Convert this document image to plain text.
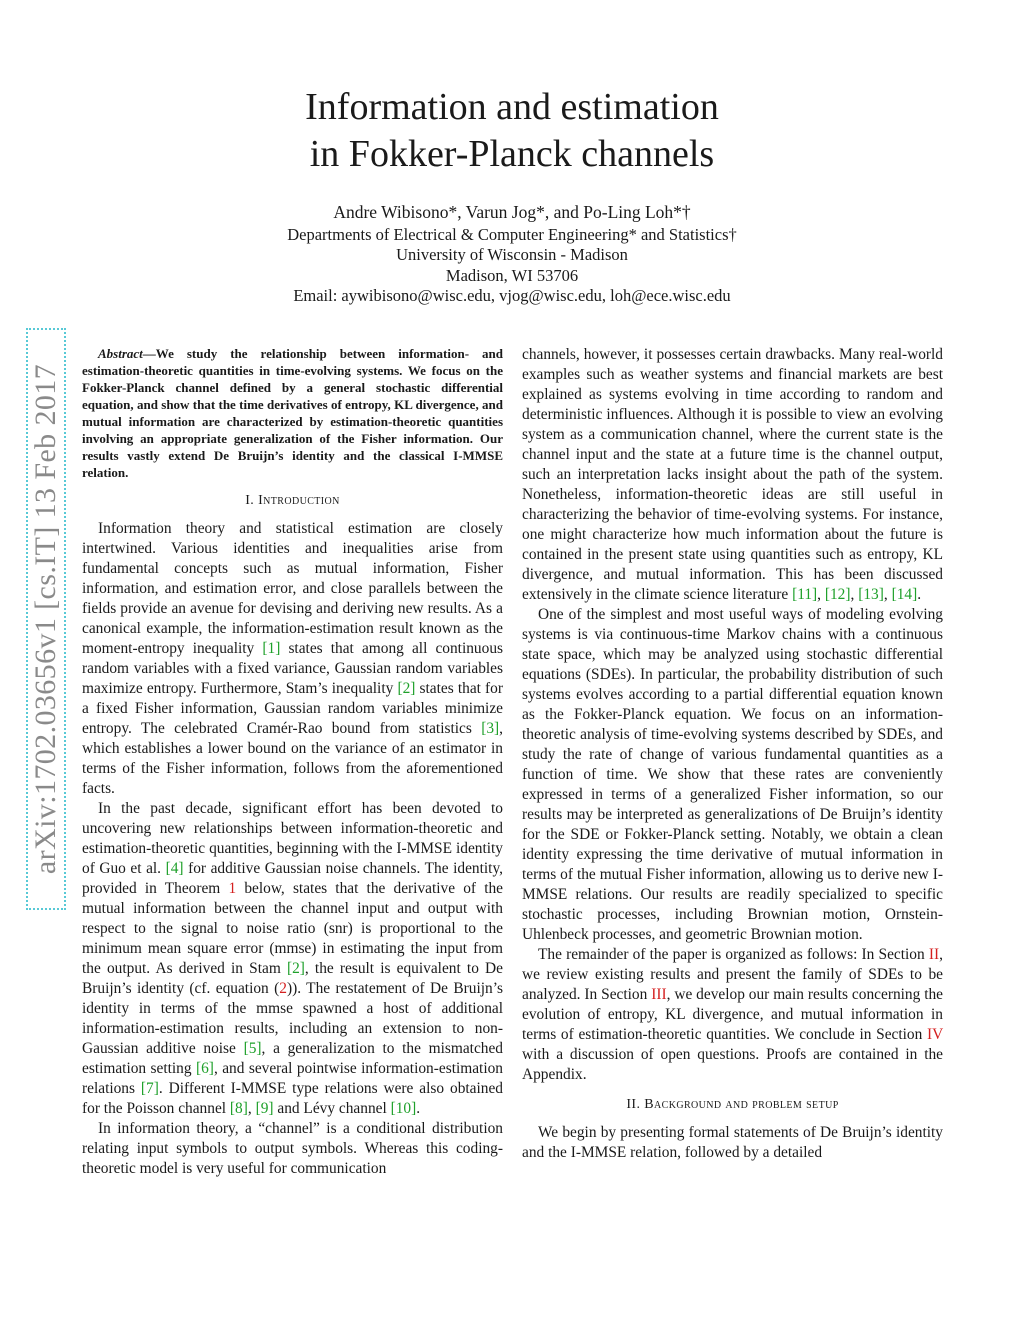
arXiv:1702.03656v1 [cs.IT] 13 Feb 2017
Information and estimation
in Fokker-Planck channels
Andre Wibisono*, Varun Jog*, and Po-Ling Loh*†
Departments of Electrical & Computer Engineering* and Statistics†
University of Wisconsin - Madison
Madison, WI 53706
Email: aywibisono@wisc.edu, vjog@wisc.edu, loh@ece.wisc.edu

Abstract—We study the relationship between information- and estimation-theoretic quantities in time-evolving systems. We focus on the Fokker-Planck channel defined by a general stochastic differential equation, and show that the time derivatives of entropy, KL divergence, and mutual information are characterized by estimation-theoretic quantities involving an appropriate generalization of the Fisher information. Our results vastly extend De Bruijn’s identity and the classical I-MMSE relation.

I. Introduction

Information theory and statistical estimation are closely intertwined. Various identities and inequalities arise from fundamental concepts such as mutual information, Fisher information, and estimation error, and close parallels between the fields provide an avenue for devising and deriving new results. As a canonical example, the information-estimation result known as the moment-entropy inequality [1] states that among all continuous random variables with a fixed variance, Gaussian random variables maximize entropy. Furthermore, Stam’s inequality [2] states that for a fixed Fisher information, Gaussian random variables minimize entropy. The celebrated Cramér-Rao bound from statistics [3], which establishes a lower bound on the variance of an estimator in terms of the Fisher information, follows from the aforementioned facts.

In the past decade, significant effort has been devoted to uncovering new relationships between information-theoretic and estimation-theoretic quantities, beginning with the I-MMSE identity of Guo et al. [4] for additive Gaussian noise channels. The identity, provided in Theorem 1 below, states that the derivative of the mutual information between the channel input and output with respect to the signal to noise ratio (snr) is proportional to the minimum mean square error (mmse) in estimating the input from the output. As derived in Stam [2], the result is equivalent to De Bruijn’s identity (cf. equation (2)). The restatement of De Bruijn’s identity in terms of the mmse spawned a host of additional information-estimation results, including an extension to non-Gaussian additive noise [5], a generalization to the mismatched estimation setting [6], and several pointwise information-estimation relations [7]. Different I-MMSE type relations were also obtained for the Poisson channel [8], [9] and Lévy channel [10].

In information theory, a “channel” is a conditional distribution relating input symbols to output symbols. Whereas this coding-theoretic model is very useful for communication

channels, however, it possesses certain drawbacks. Many real-world examples such as weather systems and financial markets are best explained as systems evolving in time according to random and deterministic influences. Although it is possible to view an evolving system as a communication channel, where the current state is the channel input and the state at a future time is the channel output, such an interpretation lacks insight about the path of the system. Nonetheless, information-theoretic ideas are still useful in characterizing the behavior of time-evolving systems. For instance, one might characterize how much information about the future is contained in the present state using quantities such as entropy, KL divergence, and mutual information. This has been discussed extensively in the climate science literature [11], [12], [13], [14].

One of the simplest and most useful ways of modeling evolving systems is via continuous-time Markov chains with a continuous state space, which may be analyzed using stochastic differential equations (SDEs). In particular, the probability distribution of such systems evolves according to a partial differential equation known as the Fokker-Planck equation. We focus on an information-theoretic analysis of time-evolving systems described by SDEs, and study the rate of change of various fundamental quantities as a function of time. We show that these rates are conveniently expressed in terms of a generalized Fisher information, so our results may be interpreted as generalizations of De Bruijn’s identity for the SDE or Fokker-Planck setting. Notably, we obtain a clean identity expressing the time derivative of mutual information in terms of the mutual Fisher information, allowing us to derive new I-MMSE relations. Our results are readily specialized to specific stochastic processes, including Brownian motion, Ornstein-Uhlenbeck processes, and geometric Brownian motion.

The remainder of the paper is organized as follows: In Section II, we review existing results and present the family of SDEs to be analyzed. In Section III, we develop our main results concerning the evolution of entropy, KL divergence, and mutual information in terms of estimation-theoretic quantities. We conclude in Section IV with a discussion of open questions. Proofs are contained in the Appendix.

II. Background and problem setup

We begin by presenting formal statements of De Bruijn’s identity and the I-MMSE relation, followed by a detailed
